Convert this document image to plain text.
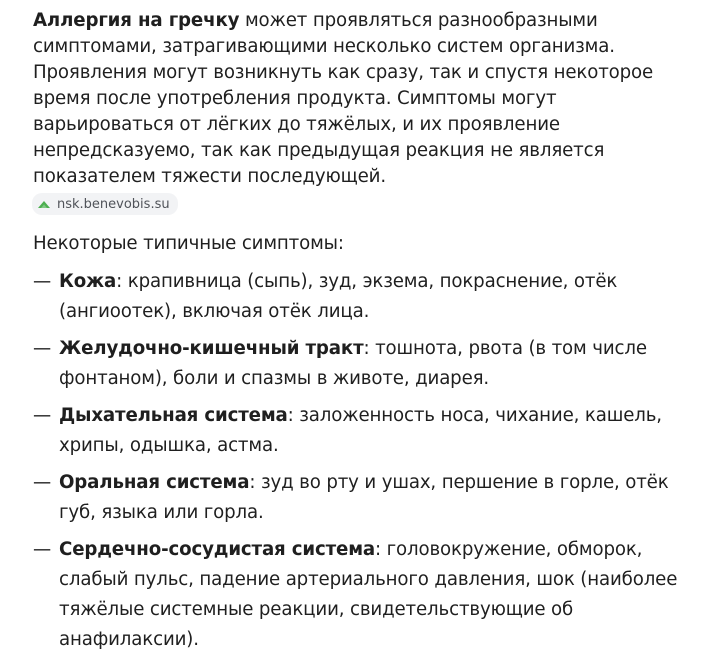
Аллергия на гречку может проявляться разнообразными симптомами, затрагивающими несколько систем организма. Проявления могут возникнуть как сразу, так и спустя некоторое время после употребления продукта. Симптомы могут варьироваться от лёгких до тяжёлых, и их проявление непредсказуемо, так как предыдущая реакция не является показателем тяжести последующей.

nsk.benevobis.su

Некоторые типичные симптомы:

— Кожа: крапивница (сыпь), зуд, экзема, покраснение, отёк (ангиоотек), включая отёк лица.
— Желудочно-кишечный тракт: тошнота, рвота (в том числе фонтаном), боли и спазмы в животе, диарея.
— Дыхательная система: заложенность носа, чихание, кашель, хрипы, одышка, астма.
— Оральная система: зуд во рту и ушах, першение в горле, отёк губ, языка или горла.
— Сердечно-сосудистая система: головокружение, обморок, слабый пульс, падение артериального давления, шок (наиболее тяжёлые системные реакции, свидетельствующие об анафилаксии).
